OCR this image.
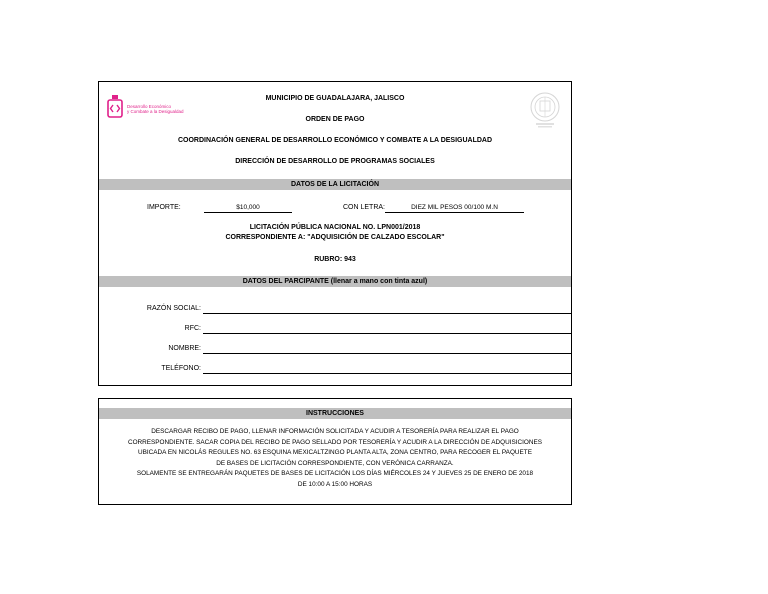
Desarrollo Económico
y Combate a la Desigualdad
MUNICIPIO DE GUADALAJARA, JALISCO
ORDEN DE PAGO
COORDINACIÓN GENERAL DE DESARROLLO ECONÓMICO Y COMBATE A LA DESIGUALDAD
DIRECCIÓN DE DESARROLLO DE PROGRAMAS SOCIALES
DATOS DE LA LICITACIÓN
IMPORTE:	$10,000	CON LETRA:	DIEZ MIL PESOS 00/100 M.N
LICITACIÓN PÚBLICA NACIONAL NO. LPN001/2018
CORRESPONDIENTE A: "ADQUISICIÓN DE CALZADO ESCOLAR"
RUBRO: 943
DATOS DEL PARCIPANTE (llenar a mano con tinta azul)
RAZÓN SOCIAL:
RFC:
NOMBRE:
TELÉFONO:
INSTRUCCIONES
DESCARGAR RECIBO DE PAGO, LLENAR INFORMACIÓN SOLICITADA Y ACUDIR A TESORERÍA PARA REALIZAR EL PAGO
CORRESPONDIENTE. SACAR COPIA DEL RECIBO DE PAGO SELLADO POR TESORERÍA Y ACUDIR A LA DIRECCIÓN DE ADQUISICIONES
UBICADA EN NICOLÁS REGULES NO. 63 ESQUINA MEXICALTZINGO PLANTA ALTA, ZONA CENTRO, PARA RECOGER EL PAQUETE
DE BASES DE LICITACIÓN CORRESPONDIENTE, CON VERÓNICA CARRANZA.
SOLAMENTE SE ENTREGARÁN PAQUETES DE BASES DE LICITACIÓN LOS DÍAS MIÉRCOLES 24 Y JUEVES 25 DE ENERO DE 2018
DE 10:00 A 15:00 HORAS
